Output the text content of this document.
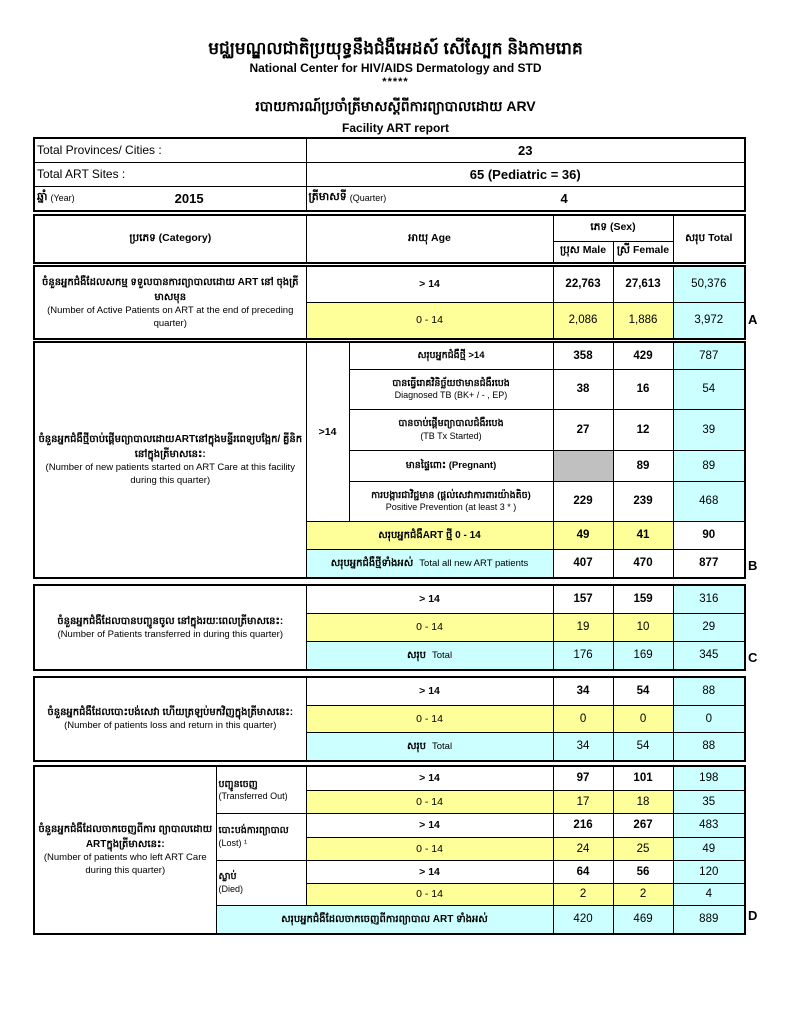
មជ្ឈមណ្ឌលជាតិប្រយុទ្ធនឹងជំងឺអេដស៍ សើស្បែក និងកាមរោគ
National Center for HIV/AIDS Dermatology and STD
*****
របាយការណ៍ប្រចាំត្រីមាសស្តីពីការព្យាបាលដោយ ARV
Facility ART report
Total Provinces/ Cities :	23
Total ART Sites :	65 (Pediatric = 36)

ឆ្នាំ (Year) 2015	ត្រីមាសទី (Quarter) 4
ប្រភេទ (Category)	អាយុ Age	ភេទ (Sex)		សរុប Total
		ប្រុស Male	ស្រី Female	
ចំនួនអ្នកជំងឺដែលសកម្ម ទទួលបានការព្យាបាលដោយ ART នៅ ចុងត្រីមាសមុន
(Number of Active Patients on ART at the end of preceding quarter)	> 14	22,763	27,613	50,376
	0 - 14	2,086	1,886	3,972 A
ចំនួនអ្នកជំងឺថ្មីចាប់ផ្តើមព្យាបាលដោយARTនៅក្នុងមន្ទីរពេទ្យបង្អែក/ គ្លីនិក នៅក្នុងត្រីមាសនេះ:
(Number of new patients started on ART Care at this facility during this quarter)	>14	សរុបអ្នកជំងឺថ្មី >14	358	429	787

		បានធ្វើរោគវិនិច្ឆ័យថាមានជំងឺរបេង
Diagnosed TB (BK+ / - , EP)	38	16	54

		បានចាប់ផ្តើមព្យាបាលជំងឺរបេង
(TB Tx Started)	27	12	39
		មានផ្ទៃពោះ (Pregnant)		89	89

		ការបង្ការជាវិជ្ជមាន (ផ្តល់សេវាការពារយ៉ាងតិច)
Positive Prevention (at least 3 * )	229	239	468
	សរុបអ្នកជំងឺART ថ្មី 0 - 14		49	41	90
	សរុបអ្នកជំងឺថ្មីទាំងអស់ Total all new ART patients		407	470	877 B
ចំនួនអ្នកជំងឺដែលបានបញ្ជូនចូល នៅក្នុងរយៈពេលត្រីមាសនេះ:
(Number of Patients transferred in during this quarter)	> 14	157	159	316
	0 - 14	19	10	29
	សរុប Total	176	169	345 C
ចំនួនអ្នកជំងឺដែលបោះបង់សេវា ហើយត្រឡប់មកវិញក្នុងត្រីមាសនេះ:
(Number of patients loss and return in this quarter)	> 14	34	54	88
	0 - 14	0	0	0
	សរុប Total	34	54	88
ចំនួនអ្នកជំងឺដែលចាកចេញពីការ ព្យាបាលដោយ ARTក្នុងត្រីមាសនេះ:
(Number of patients who left ART Care during this quarter)

បញ្ជូនចេញ
(Transferred Out)
	> 14	97	101	198
		0 - 14	17	18	35

	បោះបង់ការព្យាបាល
(Lost) ¹	> 14	216	267	483
		0 - 14	24	25	49

	ស្លាប់
(Died)	> 14	64	56	120
		0 - 14	2	2	4
	សរុបអ្នកជំងឺដែលចាកចេញពីការព្យាបាល ART ទាំងអស់		420	469	889 D
